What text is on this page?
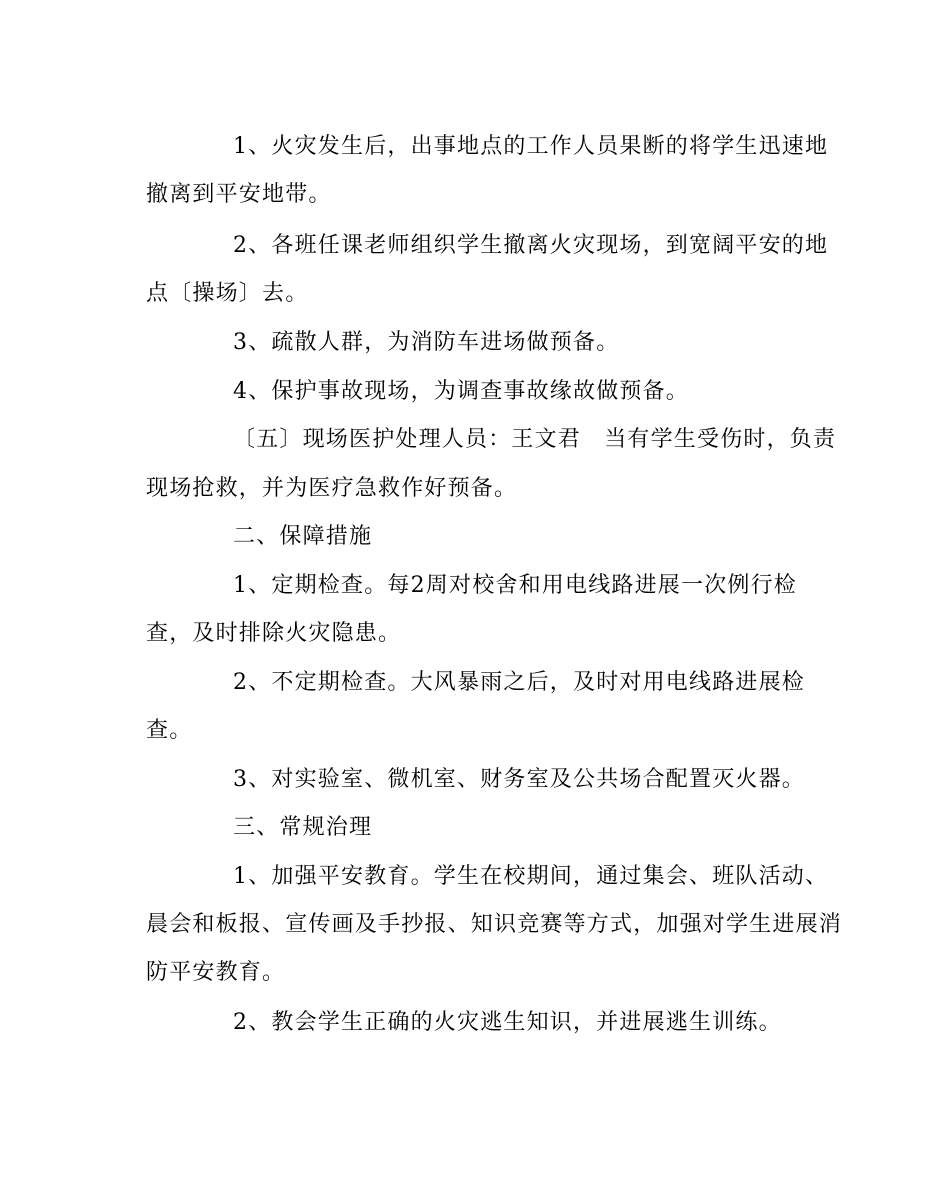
1、火灾发生后，出事地点的工作人员果断的将学生迅速地
撤离到平安地带。
2、各班任课老师组织学生撤离火灾现场，到宽阔平安的地
点〔操场〕去。
3、疏散人群，为消防车进场做预备。
4、保护事故现场，为调查事故缘故做预备。
〔五〕现场医护处理人员：王文君　当有学生受伤时，负责
现场抢救，并为医疗急救作好预备。
二、保障措施
1、定期检查。每2周对校舍和用电线路进展一次例行检
查，及时排除火灾隐患。
2、不定期检查。大风暴雨之后，及时对用电线路进展检
查。
3、对实验室、微机室、财务室及公共场合配置灭火器。
三、常规治理
1、加强平安教育。学生在校期间，通过集会、班队活动、
晨会和板报、宣传画及手抄报、知识竞赛等方式，加强对学生进展消
防平安教育。
2、教会学生正确的火灾逃生知识，并进展逃生训练。
